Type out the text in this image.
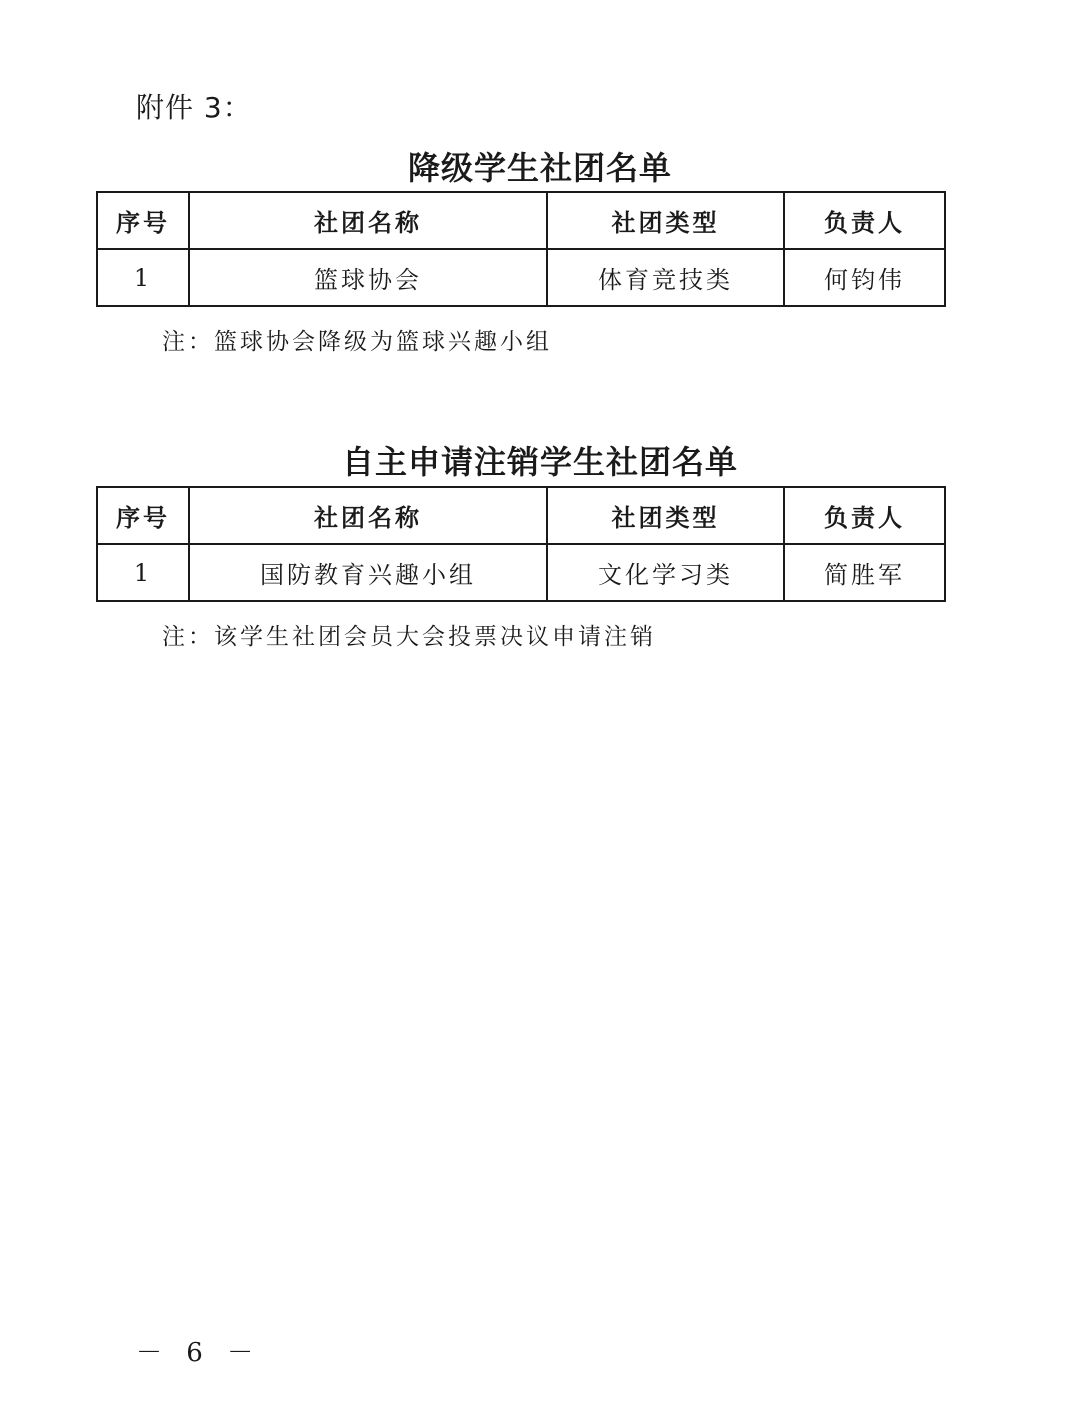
附件 3：
降级学生社团名单
序号	社团名称	社团类型	负责人
1	篮球协会	体育竞技类	何钧伟
注：篮球协会降级为篮球兴趣小组
自主申请注销学生社团名单
序号	社团名称	社团类型	负责人
1	国防教育兴趣小组	文化学习类	简胜军
注：该学生社团会员大会投票决议申请注销
－ 6 －
